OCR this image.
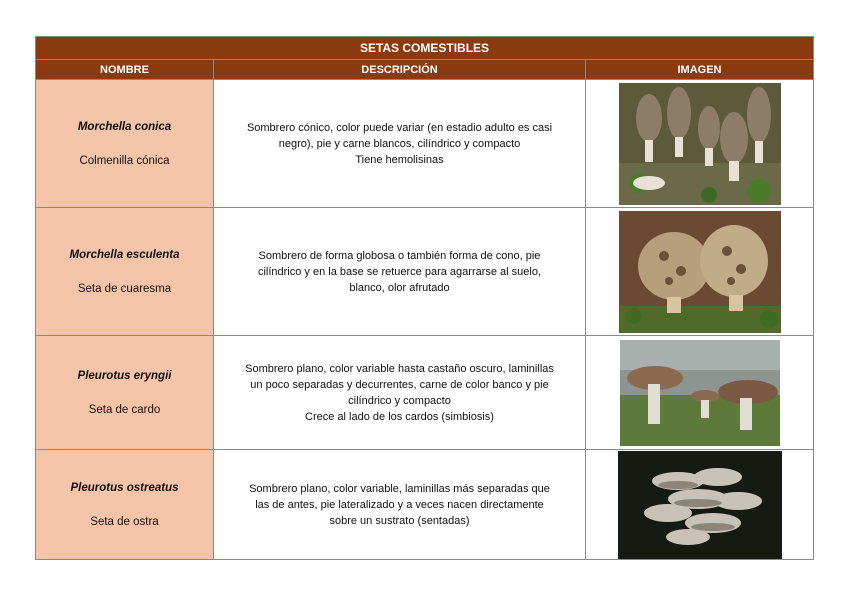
SETAS COMESTIBLES		
NOMBRE	DESCRIPCIÓN	IMAGEN

Morchella conica
Colmenilla cónica	Sombrero cónico, color puede variar (en estadio adulto es casi
negro), pie y carne blancos, cilíndrico y compacto
Tiene hemolisinas

Morchella esculenta
Seta de cuaresma	Sombrero de forma globosa o también forma de cono, pie
cilíndrico y en la base se retuerce para agarrarse al suelo,
blanco, olor afrutado

Pleurotus eryngii
Seta de cardo	Sombrero plano, color variable hasta castaño oscuro, laminillas
un poco separadas y decurrentes, carne de color banco y pie
cilíndrico y compacto
Crece al lado de los cardos (simbiosis)

Pleurotus ostreatus
Seta de ostra	Sombrero plano, color variable, laminillas más separadas que
las de antes, pie lateralizado y a veces nacen directamente
sobre un sustrato (sentadas)
